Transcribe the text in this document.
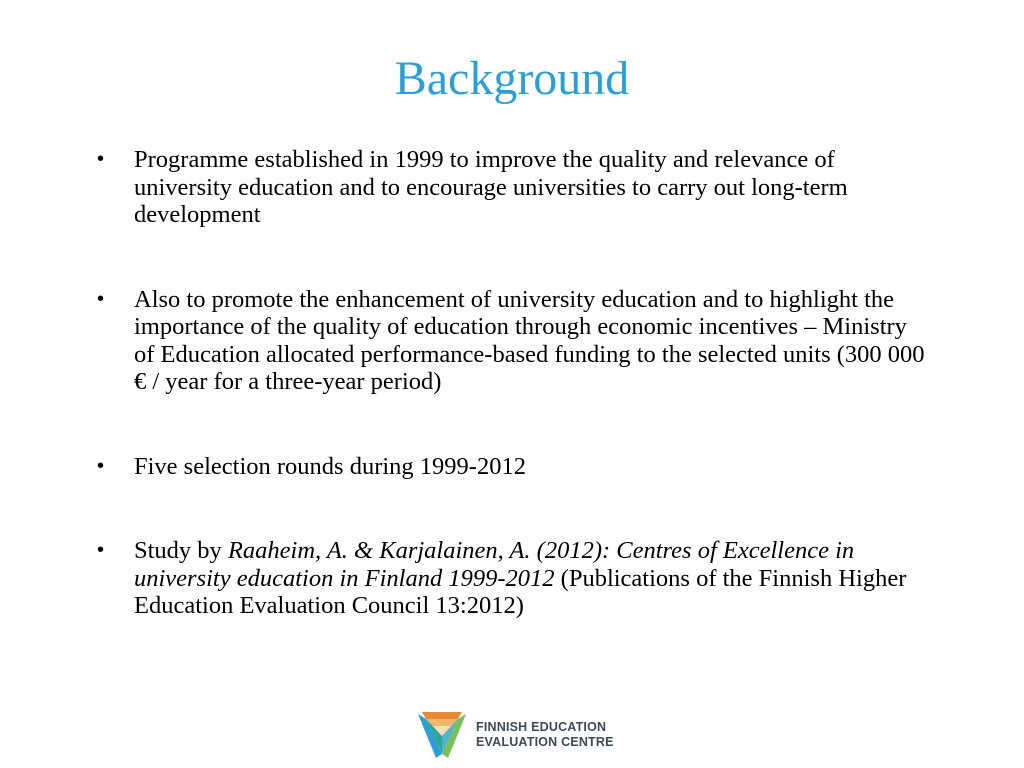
Background
• Programme established in 1999 to improve the quality and relevance of university education and to encourage universities to carry out long-term development
• Also to promote the enhancement of university education and to highlight the importance of the quality of education through economic incentives – Ministry of Education allocated performance-based funding to the selected units (300 000 € / year for a three-year period)
• Five selection rounds during 1999-2012
• Study by Raaheim, A. & Karjalainen, A. (2012): Centres of Excellence in university education in Finland 1999-2012 (Publications of the Finnish Higher Education Evaluation Council 13:2012)
FINNISH EDUCATION
EVALUATION CENTRE
